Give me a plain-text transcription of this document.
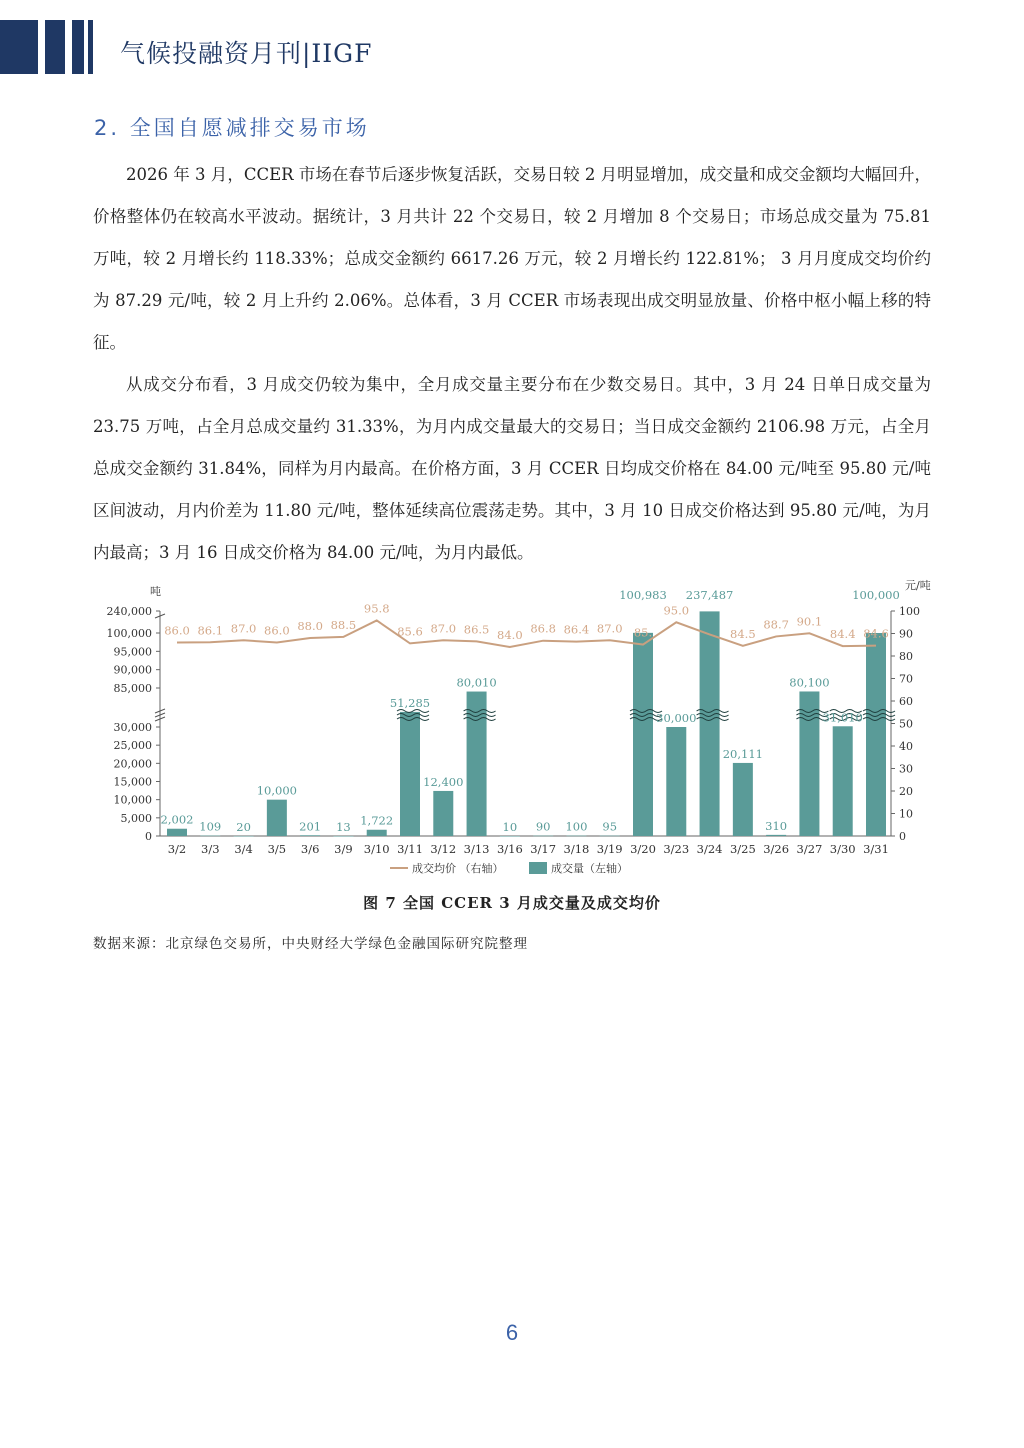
气候投融资月刊|IIGF
2. 全国自愿减排交易市场
2026 年 3 月，CCER 市场在春节后逐步恢复活跃，交易日较 2 月明显增加，成交量和成交金额均大幅回升，价格整体仍在较高水平波动。据统计，3 月共计 22 个交易日，较 2 月增加 8 个交易日；市场总成交量为 75.81 万吨，较 2 月增长约 118.33%；总成交金额约 6617.26 万元，较 2 月增长约 122.81%； 3 月月度成交均价约为 87.29 元/吨，较 2 月上升约 2.06%。总体看，3 月 CCER 市场表现出成交明显放量、价格中枢小幅上移的特征。
从成交分布看，3 月成交仍较为集中，全月成交量主要分布在少数交易日。其中，3 月 24 日单日成交量为 23.75 万吨，占全月总成交量约 31.33%，为月内成交量最大的交易日；当日成交金额约 2106.98 万元，占全月总成交金额约 31.84%，同样为月内最高。在价格方面，3 月 CCER 日均成交价格在 84.00 元/吨至 95.80 元/吨区间波动，月内价差为 11.80 元/吨，整体延续高位震荡走势。其中，3 月 10 日成交价格达到 95.80 元/吨，为月内最高；3 月 16 日成交价格为 84.00 元/吨，为月内最低。
0
5,000
10,000
15,000
20,000
25,000
30,000
85,000
90,000
95,000
100,000
240,000
0
10
20
30
40
50
60
70
80
90
100
吨	元/吨
2,002
3/2
109
3/3
20
3/4
10,000
3/5
201
3/6
13
3/9
1,722
3/10
51,285
3/11
12,400
3/12
80,010
3/13
10
3/16
90
3/17
100
3/18
95
3/19
100,983
3/20
30,000
3/23
237,487
3/24
20,111
3/25
310
3/26
80,100
3/27
31,010
3/30
100,000
3/31
86.0 86.1 87.0 86.0 88.0 88.5
95.8
85.6 87.0 86.5 84.0 86.8 86.4 87.0 85.
95.0
84.5
88.7 90.1
84.4 84.6
成交均价 （右轴）	成交量（左轴）
图 7 全国 CCER 3 月成交量及成交均价
数据来源：北京绿色交易所，中央财经大学绿色金融国际研究院整理
6
